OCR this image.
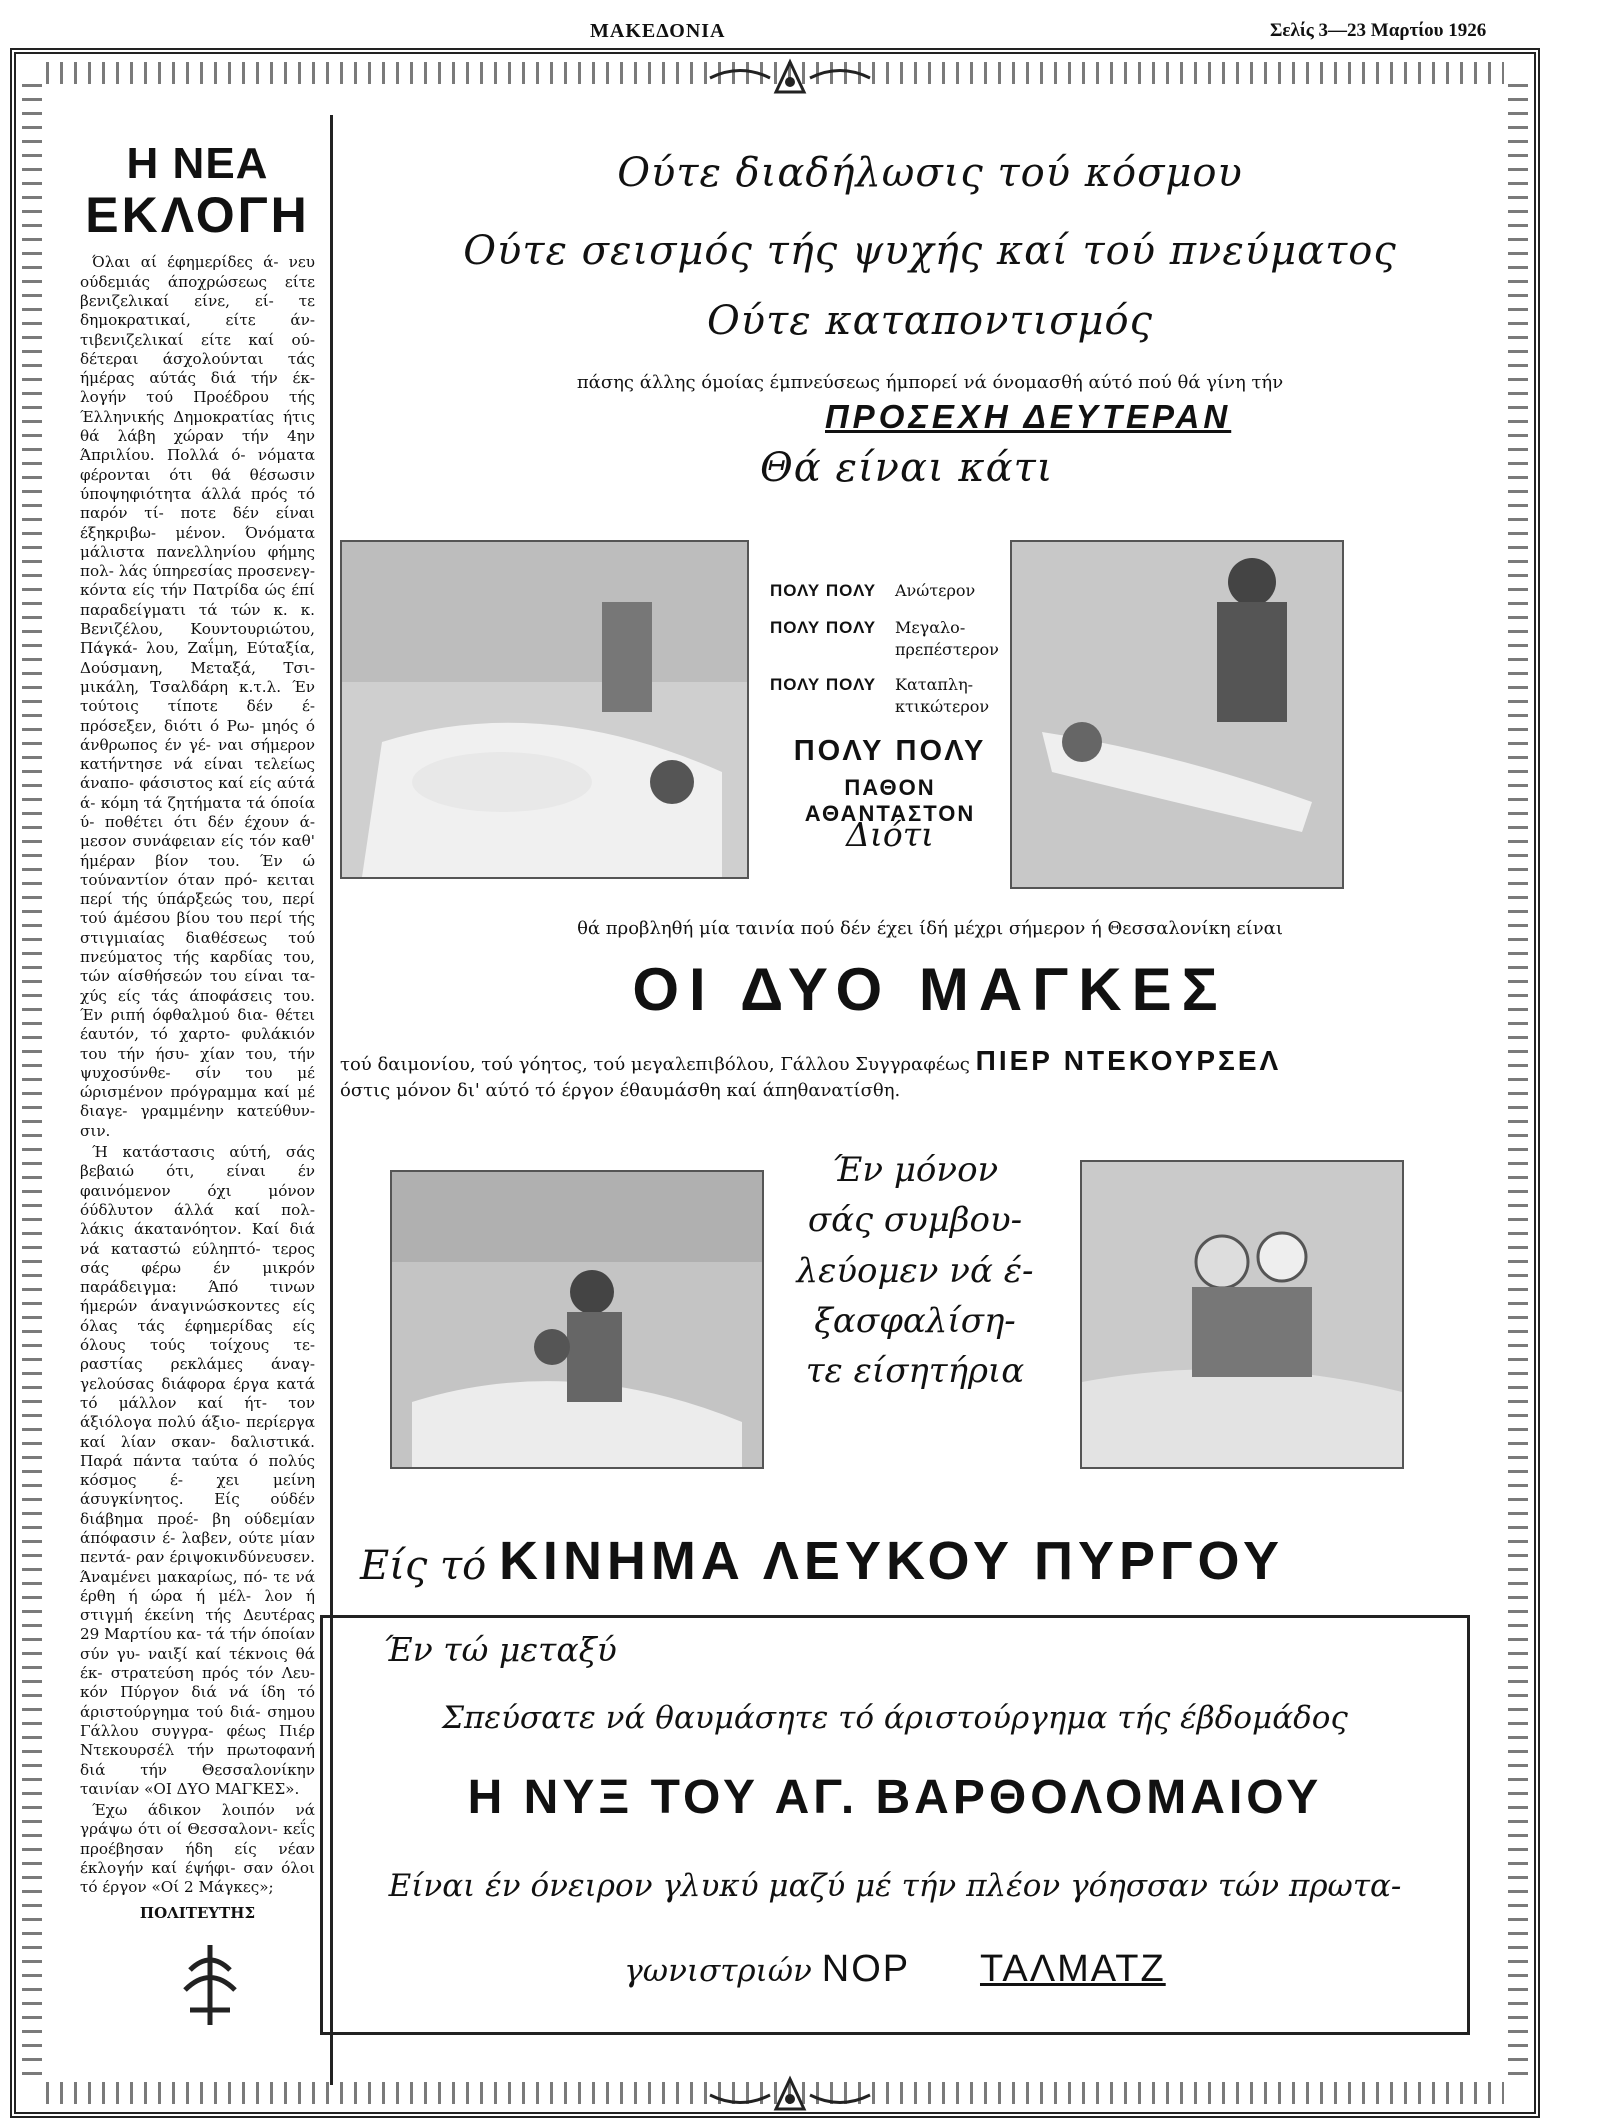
ΜΑΚΕΔΟΝΙΑ	Σελίς 3—23 Μαρτίου 1926
Η ΝΕΑ
ΕΚΛΟΓΗ

Όλαι αί έφημερίδες ά- νευ ούδεμιάς άποχρώσεως είτε βενιζελικαί είνε, εί- τε δημοκρατικαί, είτε άν- τιβενιζελικαί είτε καί ού- δέτεραι άσχολούνται τάς ήμέρας αύτάς διά τήν έκ- λογήν τού Προέδρου τής Έλληνικής Δημοκρατίας ήτις θά λάβη χώραν τήν 4ην Άπριλίου. Πολλά ό- νόματα φέρονται ότι θά θέσωσιν ύποψηφιότητα άλλά πρός τό παρόν τί- ποτε δέν είναι έξηκριβω- μένον. Όνόματα μάλιστα πανελληνίου φήμης πολ- λάς ύπηρεσίας προσενεγ- κόντα είς τήν Πατρίδα ώς έπί παραδείγματι τά τών κ. κ. Βενιζέλου, Κουντουριώτου, Πάγκά- λου, Ζαΐμη, Εύταξία, Δούσμανη, Μεταξά, Τσι- μικάλη, Τσαλδάρη κ.τ.λ. Έν τούτοις τίποτε δέν έ- πρόσεξεν, διότι ό Ρω- μηός ό άνθρωπος έν γέ- ναι σήμερον κατήντησε νά είναι τελείως άναπο- φάσιστος καί είς αύτά ά- κόμη τά ζητήματα τά όποία ύ- ποθέτει ότι δέν έχουν ά- μεσον συνάφειαν είς τόν καθ' ήμέραν βίον του. Έν ώ τούναντίον όταν πρό- κειται περί τής ύπάρξεώς του, περί τού άμέσου βίου του περί τής στιγμιαίας διαθέσεως τού πνεύματος τής καρδίας του, τών αίσθήσεών του είναι τα- χύς είς τάς άποφάσεις του. Έν ριπή όφθαλμού δια- θέτει έαυτόν, τό χαρτο- φυλάκιόν του τήν ήσυ- χίαν του, τήν ψυχοσύνθε- σίν του μέ ώρισμένον πρόγραμμα καί μέ διαγε- γραμμένην κατεύθυν- σιν.

Ή κατάστασις αύτή, σάς βεβαιώ ότι, είναι έν φαινόμενον όχι μόνον όύδλυτον άλλά καί πολ- λάκις άκατανόητον. Καί διά νά καταστώ εύληπτό- τερος σάς φέρω έν μικρόν παράδειγμα: Άπό τινων ήμερών άναγινώσκοντες είς όλας τάς έφημερίδας είς όλους τούς τοίχους τε- ραστίας ρεκλάμες άναγ- γελούσας διάφορα έργα κατά τό μάλλον καί ήτ- τον άξιόλογα πολύ άξιο- περίεργα καί λίαν σκαν- δαλιστικά. Παρά πάντα ταύτα ό πολύς κόσμος έ- χει μείνη άσυγκίνητος. Είς ούδέν διάβημα προέ- βη ούδεμίαν άπόφασιν έ- λαβεν, ούτε μίαν πεντά- ραν έριψοκινδύνευσεν. Άναμένει μακαρίως, πό- τε νά έρθη ή ώρα ή μέλ- λον ή στιγμή έκείνη τής Δευτέρας 29 Μαρτίου κα- τά τήν όποίαν σύν γυ- ναιξί καί τέκνοις θά έκ- στρατεύση πρός τόν Λευ- κόν Πύργον διά νά ίδη τό άριστούργημα τού διά- σημου Γάλλου συγγρα- φέως Πιέρ Ντεκουρσέλ τήν πρωτοφανή διά τήν Θεσσαλονίκην ταινίαν «ΟΙ ΔΥΟ ΜΑΓΚΕΣ».

Έχω άδικον λοιπόν νά γράψω ότι οί Θεσσαλονι- κεΐς προέβησαν ήδη είς νέαν έκλογήν καί έψήφι- σαν όλοι τό έργον «Οί 2 Μάγκες»;

ΠΟΛΙΤΕΥΤΗΣ
Ούτε διαδήλωσις τού κόσμου
Ούτε σεισμός τής ψυχής καί τού πνεύματος
Ούτε καταποντισμός
πάσης άλλης όμοίας έμπνεύσεως ήμπορεί νά όνομασθή αύτό πού θά γίνη τήν
ΠΡΟΣΕΧΗ ΔΕΥΤΕΡΑΝ
Θά είναι κάτι
ΠΟΛΥ ΠΟΛΥ	Ανώτερον
ΠΟΛΥ ΠΟΛΥ	Μεγαλο- πρεπέστερον
ΠΟΛΥ ΠΟΛΥ	Καταπλη- κτικώτερον
ΠΟΛΥ ΠΟΛΥ
ΠΑΘΟΝ ΑΘΑΝΤΑΣΤΟΝ
Διότι
θά προβληθή μία ταινία πού δέν έχει ίδή μέχρι σήμερον ή Θεσσαλονίκη είναι
ΟΙ ΔΥΟ ΜΑΓΚΕΣ
τού δαιμονίου, τού γόητος, τού μεγαλεπιβόλου, Γάλλου Συγγραφέως ΠΙΕΡ ΝΤΕΚΟΥΡΣΕΛ
όστις μόνον δι' αύτό τό έργον έθαυμάσθη καί άπηθανατίσθη.
Έν μόνον
σάς συμβου-
λεύομεν νά έ-
ξασφαλίση-
τε είσητήρια
Είς τό ΚΙΝΗΜΑ ΛΕΥΚΟΥ ΠΥΡΓΟΥ
Έν τώ μεταξύ
Σπεύσατε νά θαυμάσητε τό άριστούργημα τής έβδομάδος
Η ΝΥΞ ΤΟΥ ΑΓ. ΒΑΡΘΟΛΟΜΑΙΟΥ
Είναι έν όνειρον γλυκύ μαζύ μέ τήν πλέον γόησσαν τών πρωτα-
γωνιστριών ΝΟΡ ΤΑΛΜΑΤΖ
